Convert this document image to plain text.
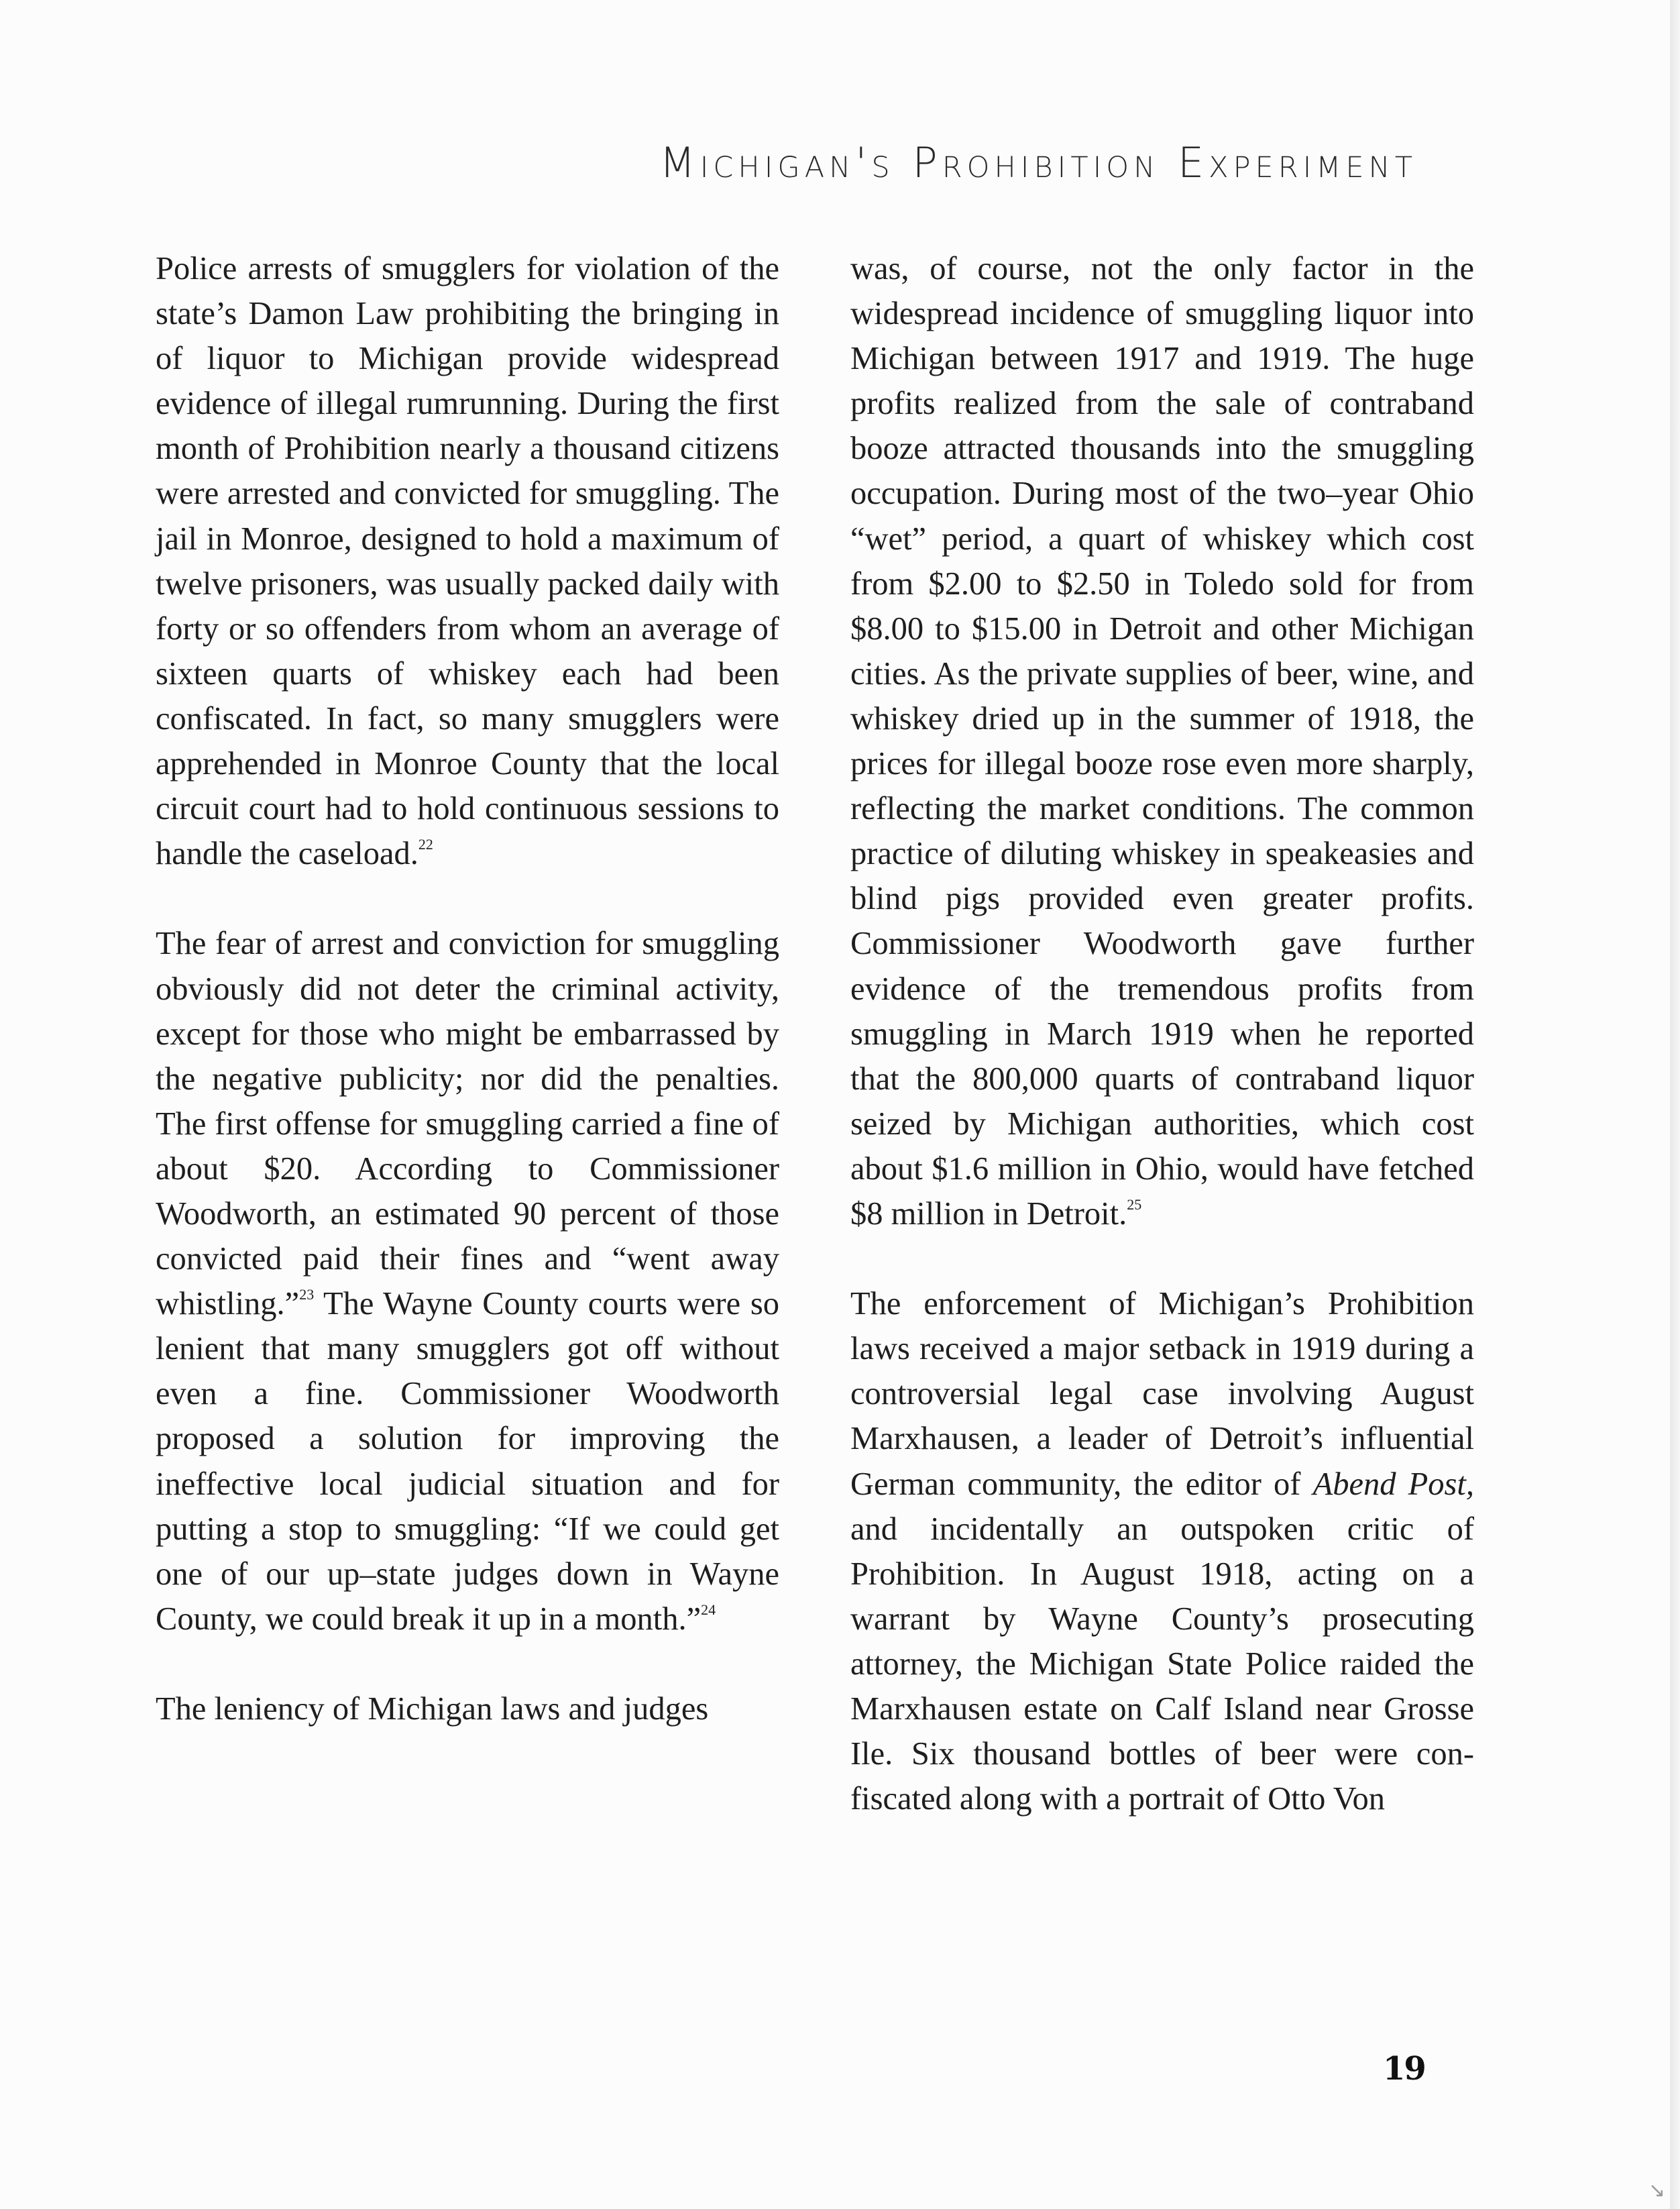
Michigan's Prohibition Experiment

Police arrests of smugglers for violation of the state’s Damon Law prohibiting the bringing in of liquor to Michigan provide widespread evidence of illegal rumrunning. During the first month of Prohibition nearly a thousand citizens were arrested and convicted for smuggling. The jail in Monroe, designed to hold a maximum of twelve prisoners, was usually packed daily with forty or so offenders from whom an average of sixteen quarts of whiskey each had been confiscated. In fact, so many smugglers were apprehended in Monroe County that the local circuit court had to hold continuous sessions to handle the caseload.$^{22}$

The fear of arrest and conviction for smuggling obviously did not deter the criminal activity, except for those who might be embarrassed by the negative publicity; nor did the penalties. The first offense for smuggling carried a fine of about $20. According to Commissioner Woodworth, an estimated 90 percent of those convicted paid their fines and “went away whistling.”$^{23}$ The Wayne County courts were so lenient that many smugglers got off without even a fine. Commissioner Woodworth proposed a solution for improving the ineffective local judicial situation and for putting a stop to smuggling: “If we could get one of our up–state judges down in Wayne County, we could break it up in a month.”$^{24}$

The leniency of Michigan laws and judges

was, of course, not the only factor in the widespread incidence of smuggling liquor into Michigan between 1917 and 1919. The huge profits realized from the sale of contraband booze attracted thousands into the smuggling occupation. During most of the two–year Ohio “wet” period, a quart of whiskey which cost from $2.00 to $2.50 in Toledo sold for from $8.00 to $15.00 in Detroit and other Michigan cities. As the private supplies of beer, wine, and whiskey dried up in the summer of 1918, the prices for illegal booze rose even more sharply, reflecting the market conditions. The common practice of diluting whiskey in speakeasies and blind pigs provided even greater profits. Commissioner Woodworth gave further evidence of the tremendous profits from smuggling in March 1919 when he reported that the 800,000 quarts of contraband liquor seized by Michigan authorities, which cost about $1.6 million in Ohio, would have fetched $8 million in Detroit.$^{25}$

The enforcement of Michigan’s Prohibition laws received a major setback in 1919 during a controversial legal case involving August Marxhausen, a leader of Detroit’s influential German community, the editor of Abend Post, and incidentally an outspoken critic of Prohibition. In August 1918, acting on a warrant by Wayne County’s prosecuting attorney, the Michigan State Police raided the Marxhausen estate on Calf Island near Grosse Ile. Six thousand bottles of beer were confiscated along with a portrait of Otto Von

19
↘
